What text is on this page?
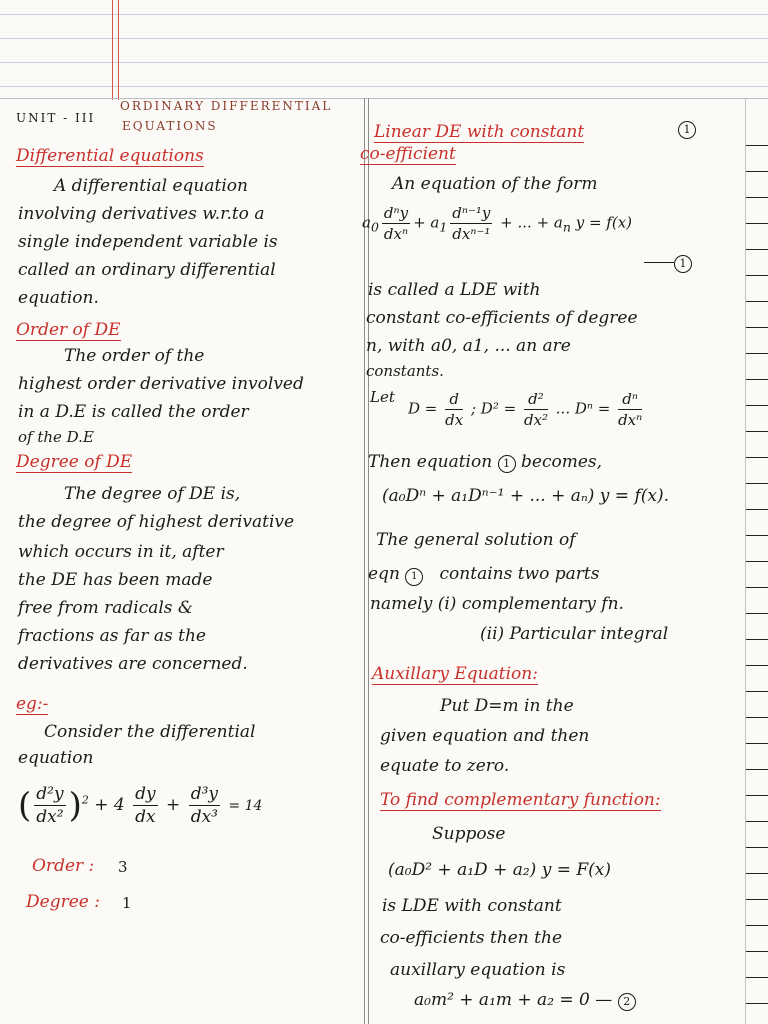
UNIT - III
ORDINARY DIFFERENTIAL
EQUATIONS
Differential equations
A differential equation
involving derivatives w.r.to a
single independent variable is
called an ordinary differential
equation.
Order of DE
The order of the
highest order derivative involved
in a D.E is called the order
of the D.E
Degree of DE
The degree of DE is,
the degree of highest derivative
which occurs in it, after
the DE has been made
free from radicals &
fractions as far as the
derivatives are concerned.
eg:-
Consider the differential
equation
( $\frac{\text{d²y}}{\text{dx²}} )^2 + 4 \frac{dy}{dx} + \frac{\text{d³y}}{\text{dx³}} = 14$
Order : 3
Degree : 1
1
Linear DE with constant
co-efficient
An equation of the form
$a_0 \frac{\text{dⁿy}}{\text{dxⁿ}} + a_1 \frac{\text{dⁿ⁻¹y}}{\text{dxⁿ⁻¹}}$ + ... + $a_n$ y = f(x)
1
is called a LDE with
constant co-efficients of degree
n, with a0, a1, ... an are
constants.
Let
$D = \frac{d}{dx}$ ; $D^2 = \frac{\text{d²}}{\text{dx²}}$ ... $D^n = \frac{\text{dⁿ}}{\text{dxⁿ}}$
Then equation 1 becomes,
(a₀Dⁿ + a₁Dⁿ⁻¹ + ... + aₙ) y = f(x).
The general solution of
eqn 1 contains two parts
namely (i) complementary fn.
(ii) Particular integral
Auxillary Equation:
Put D=m in the
given equation and then
equate to zero.
To find complementary function:
Suppose
(a₀D² + a₁D + a₂) y = F(x)
is LDE with constant
co-efficients then the
auxillary equation is
a₀m² + a₁m + a₂ = 0 — 2
